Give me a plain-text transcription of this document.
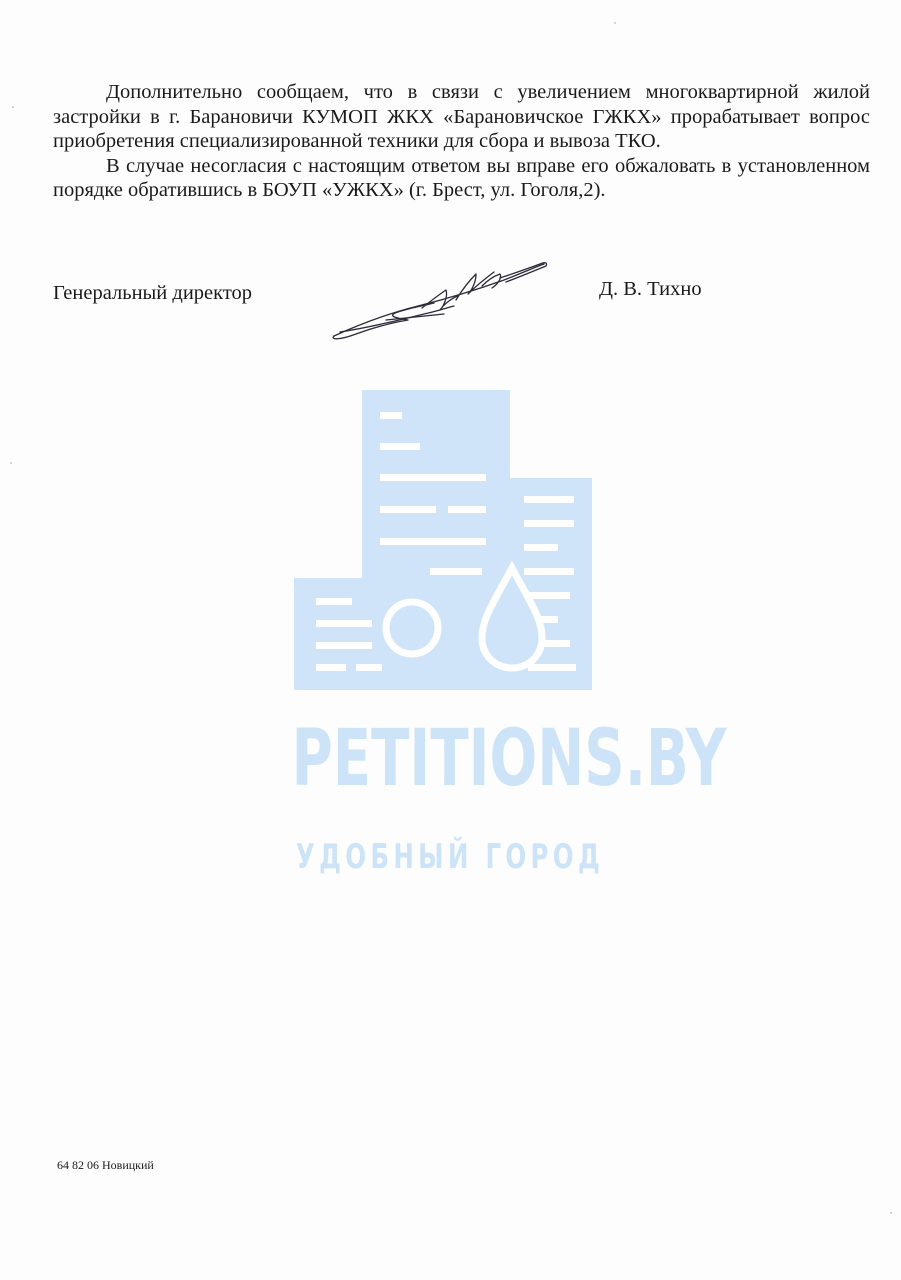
Дополнительно сообщаем, что в связи с увеличением многоквартирной жилой застройки в г. Барановичи КУМОП ЖКХ «Барановичское ГЖКХ» прорабатывает вопрос приобретения специализированной техники для сбора и вывоза ТКО.

В случае несогласия с настоящим ответом вы вправе его обжаловать в установленном порядке обратившись в БОУП «УЖКХ» (г. Брест, ул. Гоголя,2).

Генеральный директор	Д. В. Тихно
PETITIONS.BY
УДОБНЫЙ ГОРОД
64 82 06 Новицкий
